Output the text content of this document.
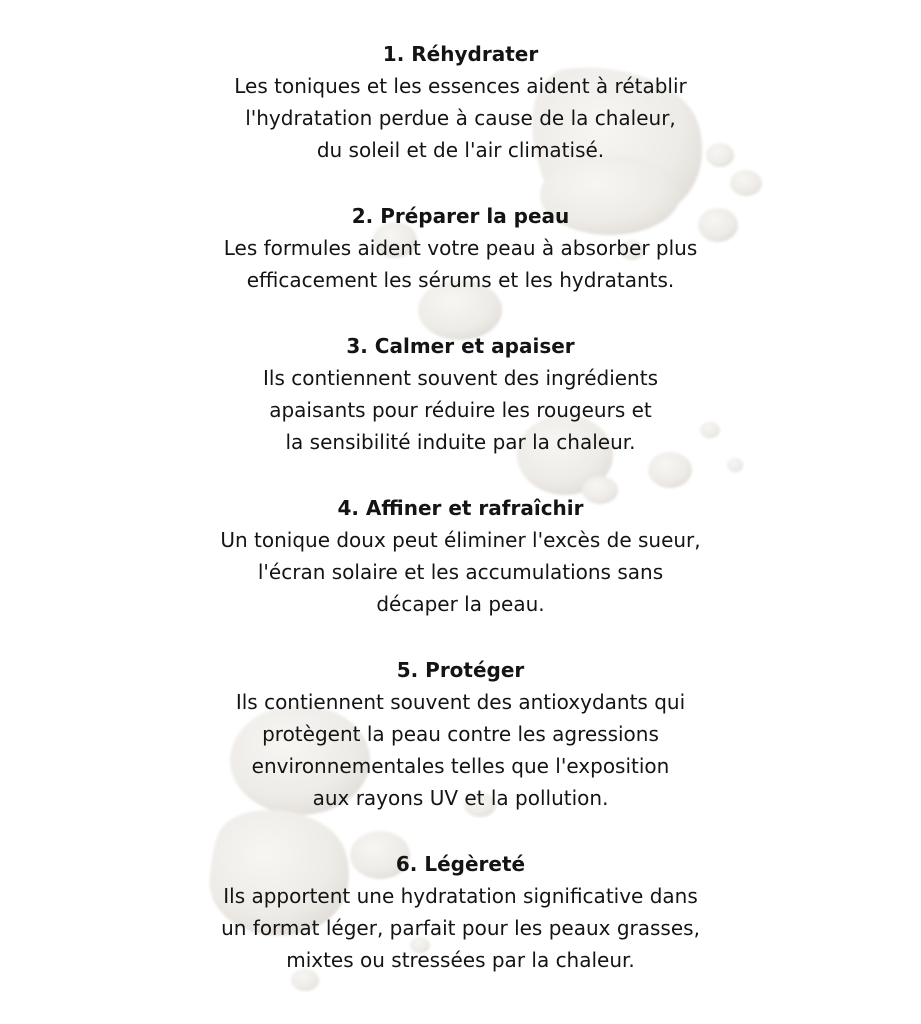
1. Réhydrater

Les toniques et les essences aident à rétablir

l'hydratation perdue à cause de la chaleur,

du soleil et de l'air climatisé.

2. Préparer la peau

Les formules aident votre peau à absorber plus

efficacement les sérums et les hydratants.

3. Calmer et apaiser

Ils contiennent souvent des ingrédients

apaisants pour réduire les rougeurs et

la sensibilité induite par la chaleur.

4. Affiner et rafraîchir

Un tonique doux peut éliminer l'excès de sueur,

l'écran solaire et les accumulations sans

décaper la peau.

5. Protéger

Ils contiennent souvent des antioxydants qui

protègent la peau contre les agressions

environnementales telles que l'exposition

aux rayons UV et la pollution.

6. Légèreté

Ils apportent une hydratation significative dans

un format léger, parfait pour les peaux grasses,

mixtes ou stressées par la chaleur.
